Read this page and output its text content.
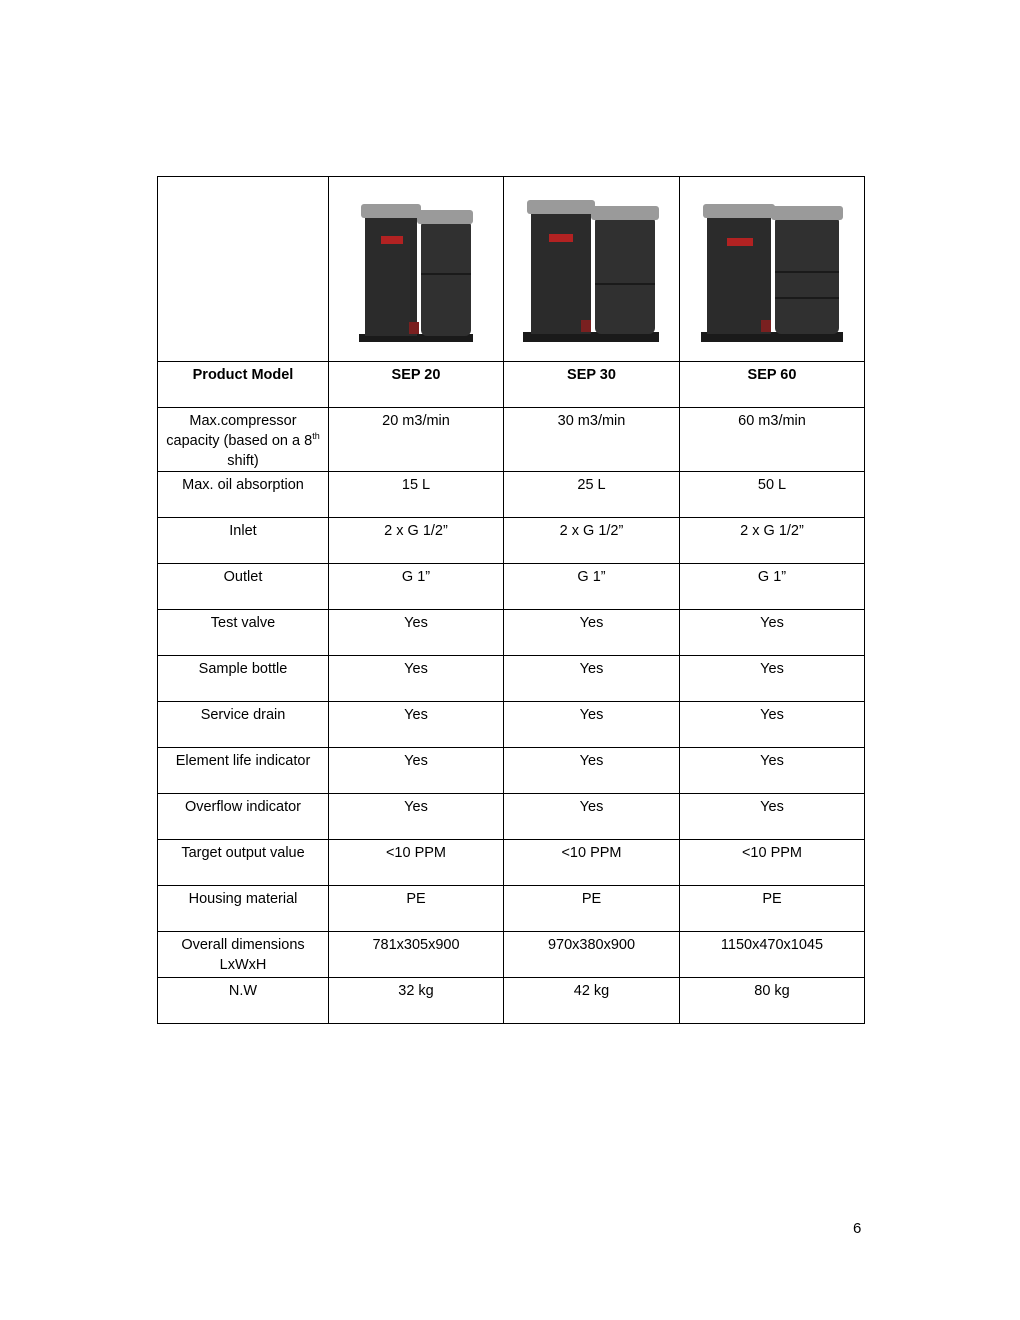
Product Model	SEP 20	SEP 30	SEP 60
Max.compressor capacity (based on a 8th shift)	20 m3/min	30 m3/min	60 m3/min
Max. oil absorption	15 L	25 L	50 L
Inlet	2 x G 1/2”	2 x G 1/2”	2 x G 1/2”
Outlet	G 1”	G 1”	G 1”
Test valve	Yes	Yes	Yes
Sample bottle	Yes	Yes	Yes
Service drain	Yes	Yes	Yes
Element life indicator	Yes	Yes	Yes
Overflow indicator	Yes	Yes	Yes
Target output value	<10 PPM	<10 PPM	<10 PPM
Housing material	PE	PE	PE
Overall dimensions LxWxH	781x305x900	970x380x900	1150x470x1045
N.W	32 kg	42 kg	80 kg
6
